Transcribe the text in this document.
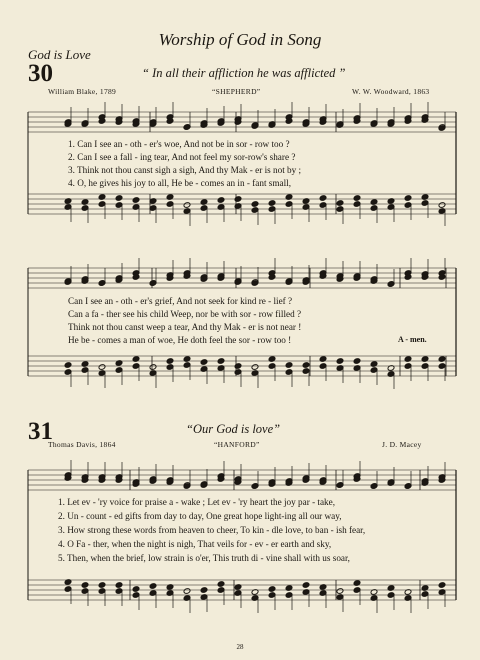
Worship of God in Song
God is Love
30	“ In all their affliction he was afflicted ”
William Blake, 1789	“SHEPHERD”	W. W. Woodward, 1863
1. Can I see an - oth - er's woe, And not be in sor - row too ?
2. Can I see a fall - ing tear, And not feel my sor-row's share ?
3. Think not thou canst sigh a sigh, And thy Mak - er is not by ;
4. O, he gives his joy to all, He be - comes an in - fant small,
Can I see an - oth - er's grief, And not seek for kind re - lief ?
Can a fa - ther see his child Weep, nor be with sor - row filled ?
Think not thou canst weep a tear, And thy Mak - er is not near !
He be - comes a man of woe, He doth feel the sor - row too !	A - men.
31	“Our God is love”
Thomas Davis, 1864	“HANFORD”	J. D. Macey
1. Let ev - 'ry voice for praise a - wake ; Let ev - 'ry heart the joy par - take,
2. Un - count - ed gifts from day to day, One great hope light-ing all our way,
3. How strong these words from heaven to cheer, To kin - dle love, to ban - ish fear,
4. O Fa - ther, when the night is nigh, That veils for - ev - er earth and sky,
5. Then, when the brief, low strain is o'er, This truth di - vine shall with us soar,
28
